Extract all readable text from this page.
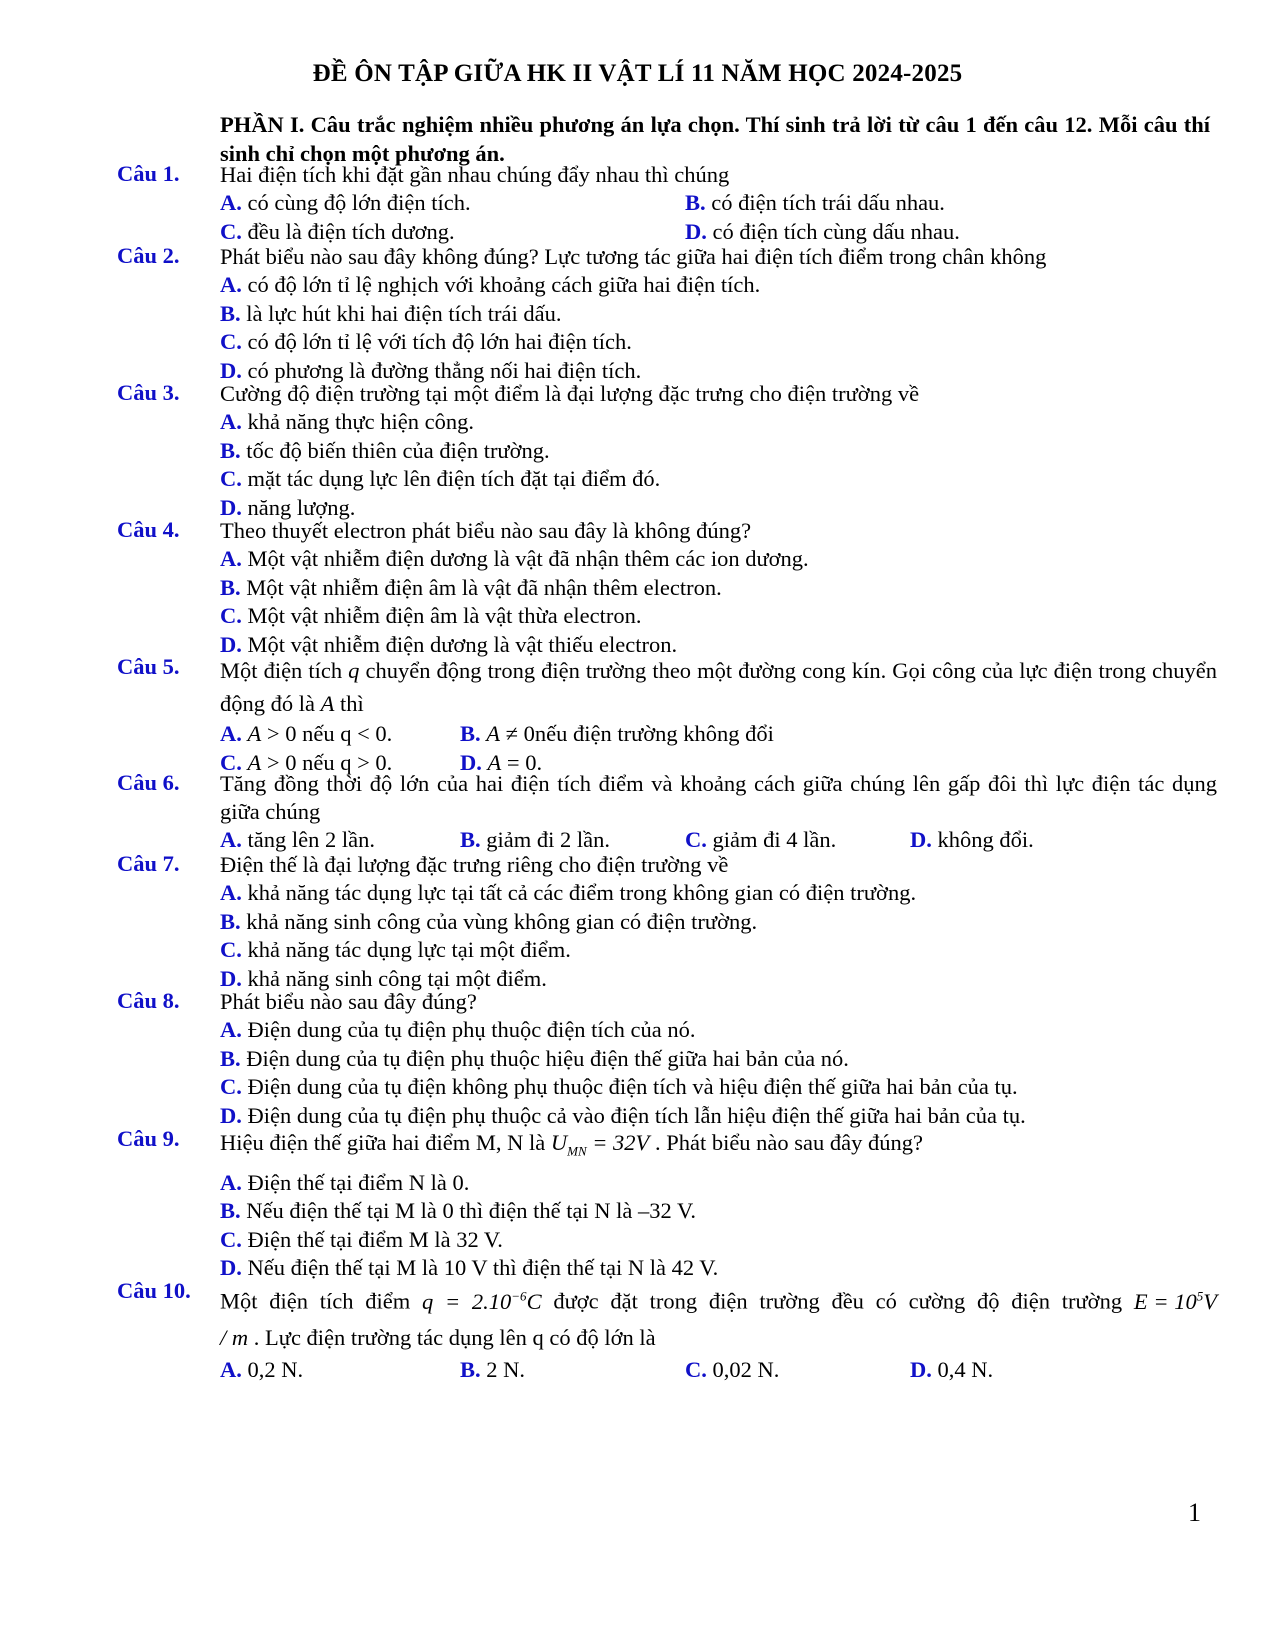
ĐỀ ÔN TẬP GIỮA HK II VẬT LÍ 11 NĂM HỌC 2024-2025
PHẦN I. Câu trắc nghiệm nhiều phương án lựa chọn. Thí sinh trả lời từ câu 1 đến câu 12. Mỗi câu thí sinh chỉ chọn một phương án.
Câu 1. Hai điện tích khi đặt gần nhau chúng đẩy nhau thì chúng
A. có cùng độ lớn điện tích.	B. có điện tích trái dấu nhau.
C. đều là điện tích dương.	D. có điện tích cùng dấu nhau.
Câu 2. Phát biểu nào sau đây không đúng? Lực tương tác giữa hai điện tích điểm trong chân không
A. có độ lớn tỉ lệ nghịch với khoảng cách giữa hai điện tích.
B. là lực hút khi hai điện tích trái dấu.
C. có độ lớn tỉ lệ với tích độ lớn hai điện tích.
D. có phương là đường thẳng nối hai điện tích.
Câu 3. Cường độ điện trường tại một điểm là đại lượng đặc trưng cho điện trường về
A. khả năng thực hiện công.
B. tốc độ biến thiên của điện trường.
C. mặt tác dụng lực lên điện tích đặt tại điểm đó.
D. năng lượng.
Câu 4. Theo thuyết electron phát biểu nào sau đây là không đúng?
A. Một vật nhiễm điện dương là vật đã nhận thêm các ion dương.
B. Một vật nhiễm điện âm là vật đã nhận thêm electron.
C. Một vật nhiễm điện âm là vật thừa electron.
D. Một vật nhiễm điện dương là vật thiếu electron.
Câu 5. Một điện tích q chuyển động trong điện trường theo một đường cong kín. Gọi công của lực điện trong chuyển động đó là A thì
A. A > 0 nếu q < 0.	B. A ≠ 0nếu điện trường không đổi
C. A > 0 nếu q > 0.	D. A = 0.
Câu 6. Tăng đồng thời độ lớn của hai điện tích điểm và khoảng cách giữa chúng lên gấp đôi thì lực điện tác dụng giữa chúng
A. tăng lên 2 lần.	B. giảm đi 2 lần.	C. giảm đi 4 lần.	D. không đổi.
Câu 7. Điện thế là đại lượng đặc trưng riêng cho điện trường về
A. khả năng tác dụng lực tại tất cả các điểm trong không gian có điện trường.
B. khả năng sinh công của vùng không gian có điện trường.
C. khả năng tác dụng lực tại một điểm.
D. khả năng sinh công tại một điểm.
Câu 8. Phát biểu nào sau đây đúng?
A. Điện dung của tụ điện phụ thuộc điện tích của nó.
B. Điện dung của tụ điện phụ thuộc hiệu điện thế giữa hai bản của nó.
C. Điện dung của tụ điện không phụ thuộc điện tích và hiệu điện thế giữa hai bản của tụ.
D. Điện dung của tụ điện phụ thuộc cả vào điện tích lẫn hiệu điện thế giữa hai bản của tụ.
Câu 9. Hiệu điện thế giữa hai điểm M, N là $U_{MN} = 32V$ . Phát biểu nào sau đây đúng?
A. Điện thế tại điểm N là 0.
B. Nếu điện thế tại M là 0 thì điện thế tại N là –32 V.
C. Điện thế tại điểm M là 32 V.
D. Nếu điện thế tại M là 10 V thì điện thế tại N là 42 V.
Câu 10. Một điện tích điểm $q = 2.10^{-6}C$ được đặt trong điện trường đều có cường độ điện trường $E = 10^5V / m$ . Lực điện trường tác dụng lên q có độ lớn là
A. 0,2 N.	B. 2 N.	C. 0,02 N.	D. 0,4 N.
1
